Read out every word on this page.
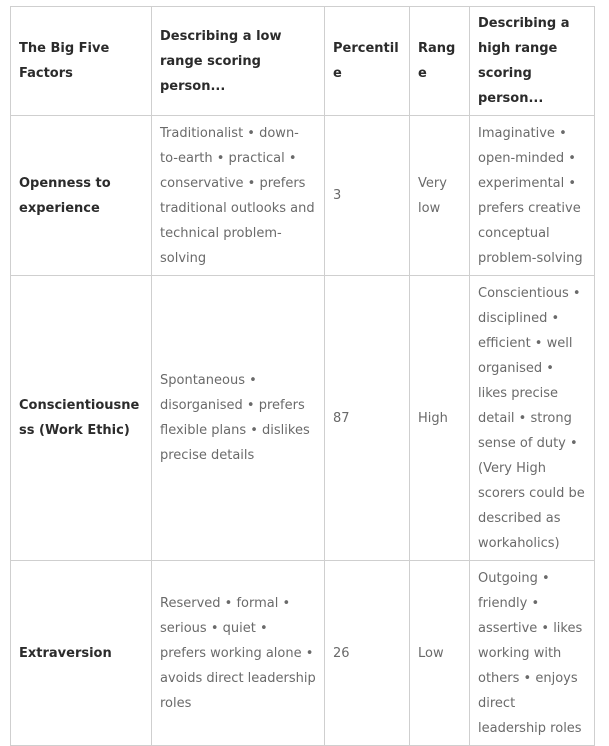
The Big Five Factors	Describing a low range scoring person...	Percentile	Range	Describing a high range scoring person...
Openness to experience	Traditionalist • down-to-earth • practical • conservative • prefers traditional outlooks and technical problem-solving	3	Very low	Imaginative • open-minded • experimental • prefers creative conceptual problem-solving
Conscientiousness (Work Ethic)	Spontaneous • disorganised • prefers flexible plans • dislikes precise details	87	High	Conscientious • disciplined • efficient • well organised • likes precise detail • strong sense of duty • (Very High scorers could be described as workaholics)
Extraversion	Reserved • formal • serious • quiet • prefers working alone • avoids direct leadership roles	26	Low	Outgoing • friendly • assertive • likes working with others • enjoys direct leadership roles
